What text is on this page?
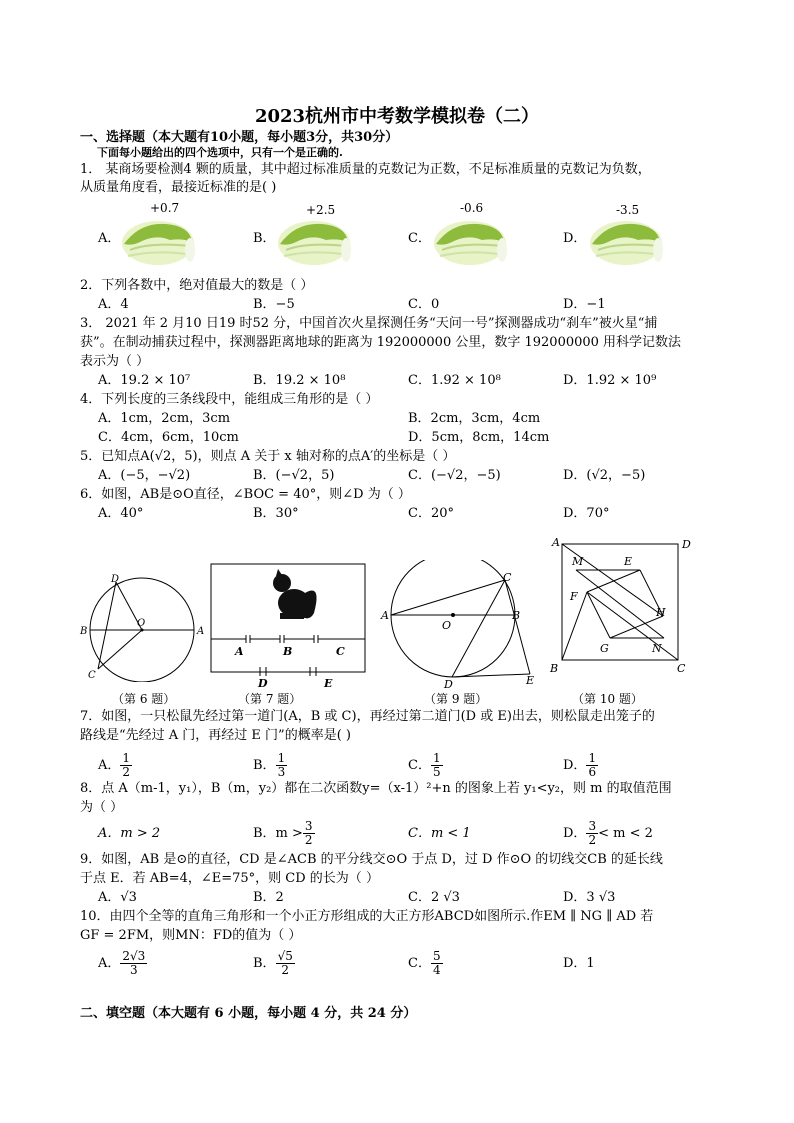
2023杭州市中考数学模拟卷（二）
一、选择题（本大题有10小题，每小题3分，共30分）
下面每小题给出的四个选项中，只有一个是正确的.
1． 某商场要检测4 颗的质量，其中超过标准质量的克数记为正数，不足标准质量的克数记为负数，
从质量角度看，最接近标准的是( )
A．
+0.7
B．
+2.5
C．
-0.6
D．
-3.5
2．下列各数中，绝对值最大的数是（ ）
A．4	B．−5	C．0	D．−1
3． 2021 年 2 月10 日19 时52 分，中国首次火星探测任务“天问一号”探测器成功“刹车”被火星“捕
获”。在制动捕获过程中，探测器距离地球的距离为 192000000 公里，数字 192000000 用科学记数法
表示为（ ）
A．19.2 × 10⁷	B．19.2 × 10⁸	C．1.92 × 10⁸	D．1.92 × 10⁹
4．下列长度的三条线段中，能组成三角形的是（ ）
A．1cm，2cm，3cm	B．2cm，3cm，4cm
C．4cm，6cm，10cm	D．5cm，8cm，14cm
5．已知点A(√2，5)，则点 A 关于 x 轴对称的点A′的坐标是（ ）
A．(−5，−√2)	B．(−√2，5)	C．(−√2，−5)	D．(√2，−5)
6．如图，AB是⊙O直径，∠BOC = 40°，则∠D 为（ ）
A．40°	B．30°	C．20°	D．70°
D
B
O
A
C
A	B	C
D	E
A
O
C
B
D	E
A	D
M	E
F
H
G	N
B	C
（第 6 题）	（第 7 题）	（第 9 题）	（第 10 题）
7．如图，一只松鼠先经过第一道门(A，B 或 C)，再经过第二道门(D 或 E)出去，则松鼠走出笼子的
路线是“先经过 A 门，再经过 E 门”的概率是( )
A． $\frac{1}{2}$	B． $\frac{1}{3}$	C． $\frac{1}{5}$	D． $\frac{1}{6}$
8．点 A（m-1，y₁），B（m，y₂）都在二次函数y=（x-1）²+n 的图象上若 y₁<y₂，则 m 的取值范围
为（ ）
A．m > 2	B．$m > \frac{3}{2}$	C．m < 1	D． $\frac{3}{2} < m < 2$
9．如图，AB 是⊙的直径，CD 是∠ACB 的平分线交⊙O 于点 D，过 D 作⊙O 的切线交CB 的延长线
于点 E．若 AB=4，∠E=75°，则 CD 的长为（ ）
A．√3	B．2	C．2 √3	D．3 √3
10．由四个全等的直角三角形和一个小正方形组成的大正方形ABCD如图所示.作EM ∥ NG ∥ AD 若
GF = 2FM，则MN：FD的值为（ ）
A． $\frac{2√3}{3}$	B． $\frac{√5}{2}$	C． $\frac{5}{4}$	D．1
二、填空题（本大题有 6 小题，每小题 4 分，共 24 分）
